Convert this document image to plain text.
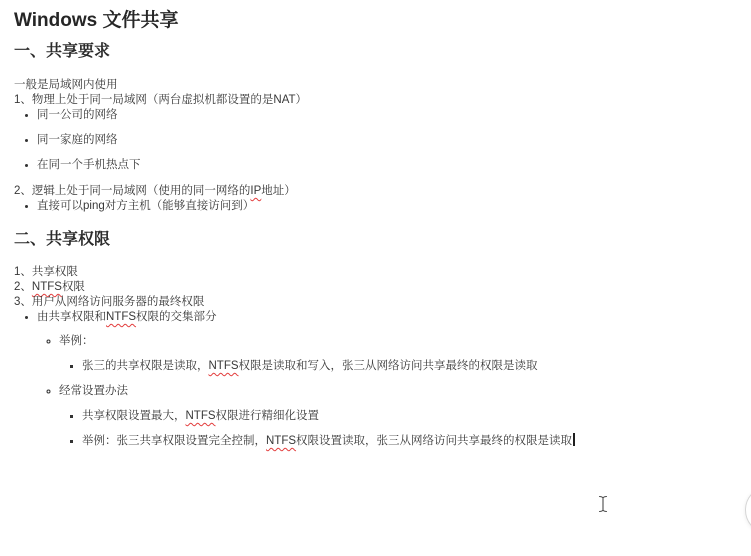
Windows 文件共享
一、共享要求

一般是局域网内使用

1、物理上处于同一局域网（两台虚拟机都设置的是NAT）

• 同一公司的网络
• 同一家庭的网络
• 在同一个手机热点下

2、逻辑上处于同一局域网（使用的同一网络的IP地址）

• 直接可以ping对方主机（能够直接访问到）
二、共享权限

1、共享权限

2、NTFS权限

3、用户从网络访问服务器的最终权限

• 由共享权限和NTFS权限的交集部分
◦ 举例：
▪ 张三的共享权限是读取，NTFS权限是读取和写入，张三从网络访问共享最终的权限是读取
◦ 经常设置办法
▪ 共享权限设置最大，NTFS权限进行精细化设置
▪ 举例：张三共享权限设置完全控制，NTFS权限设置读取，张三从网络访问共享最终的权限是读取
